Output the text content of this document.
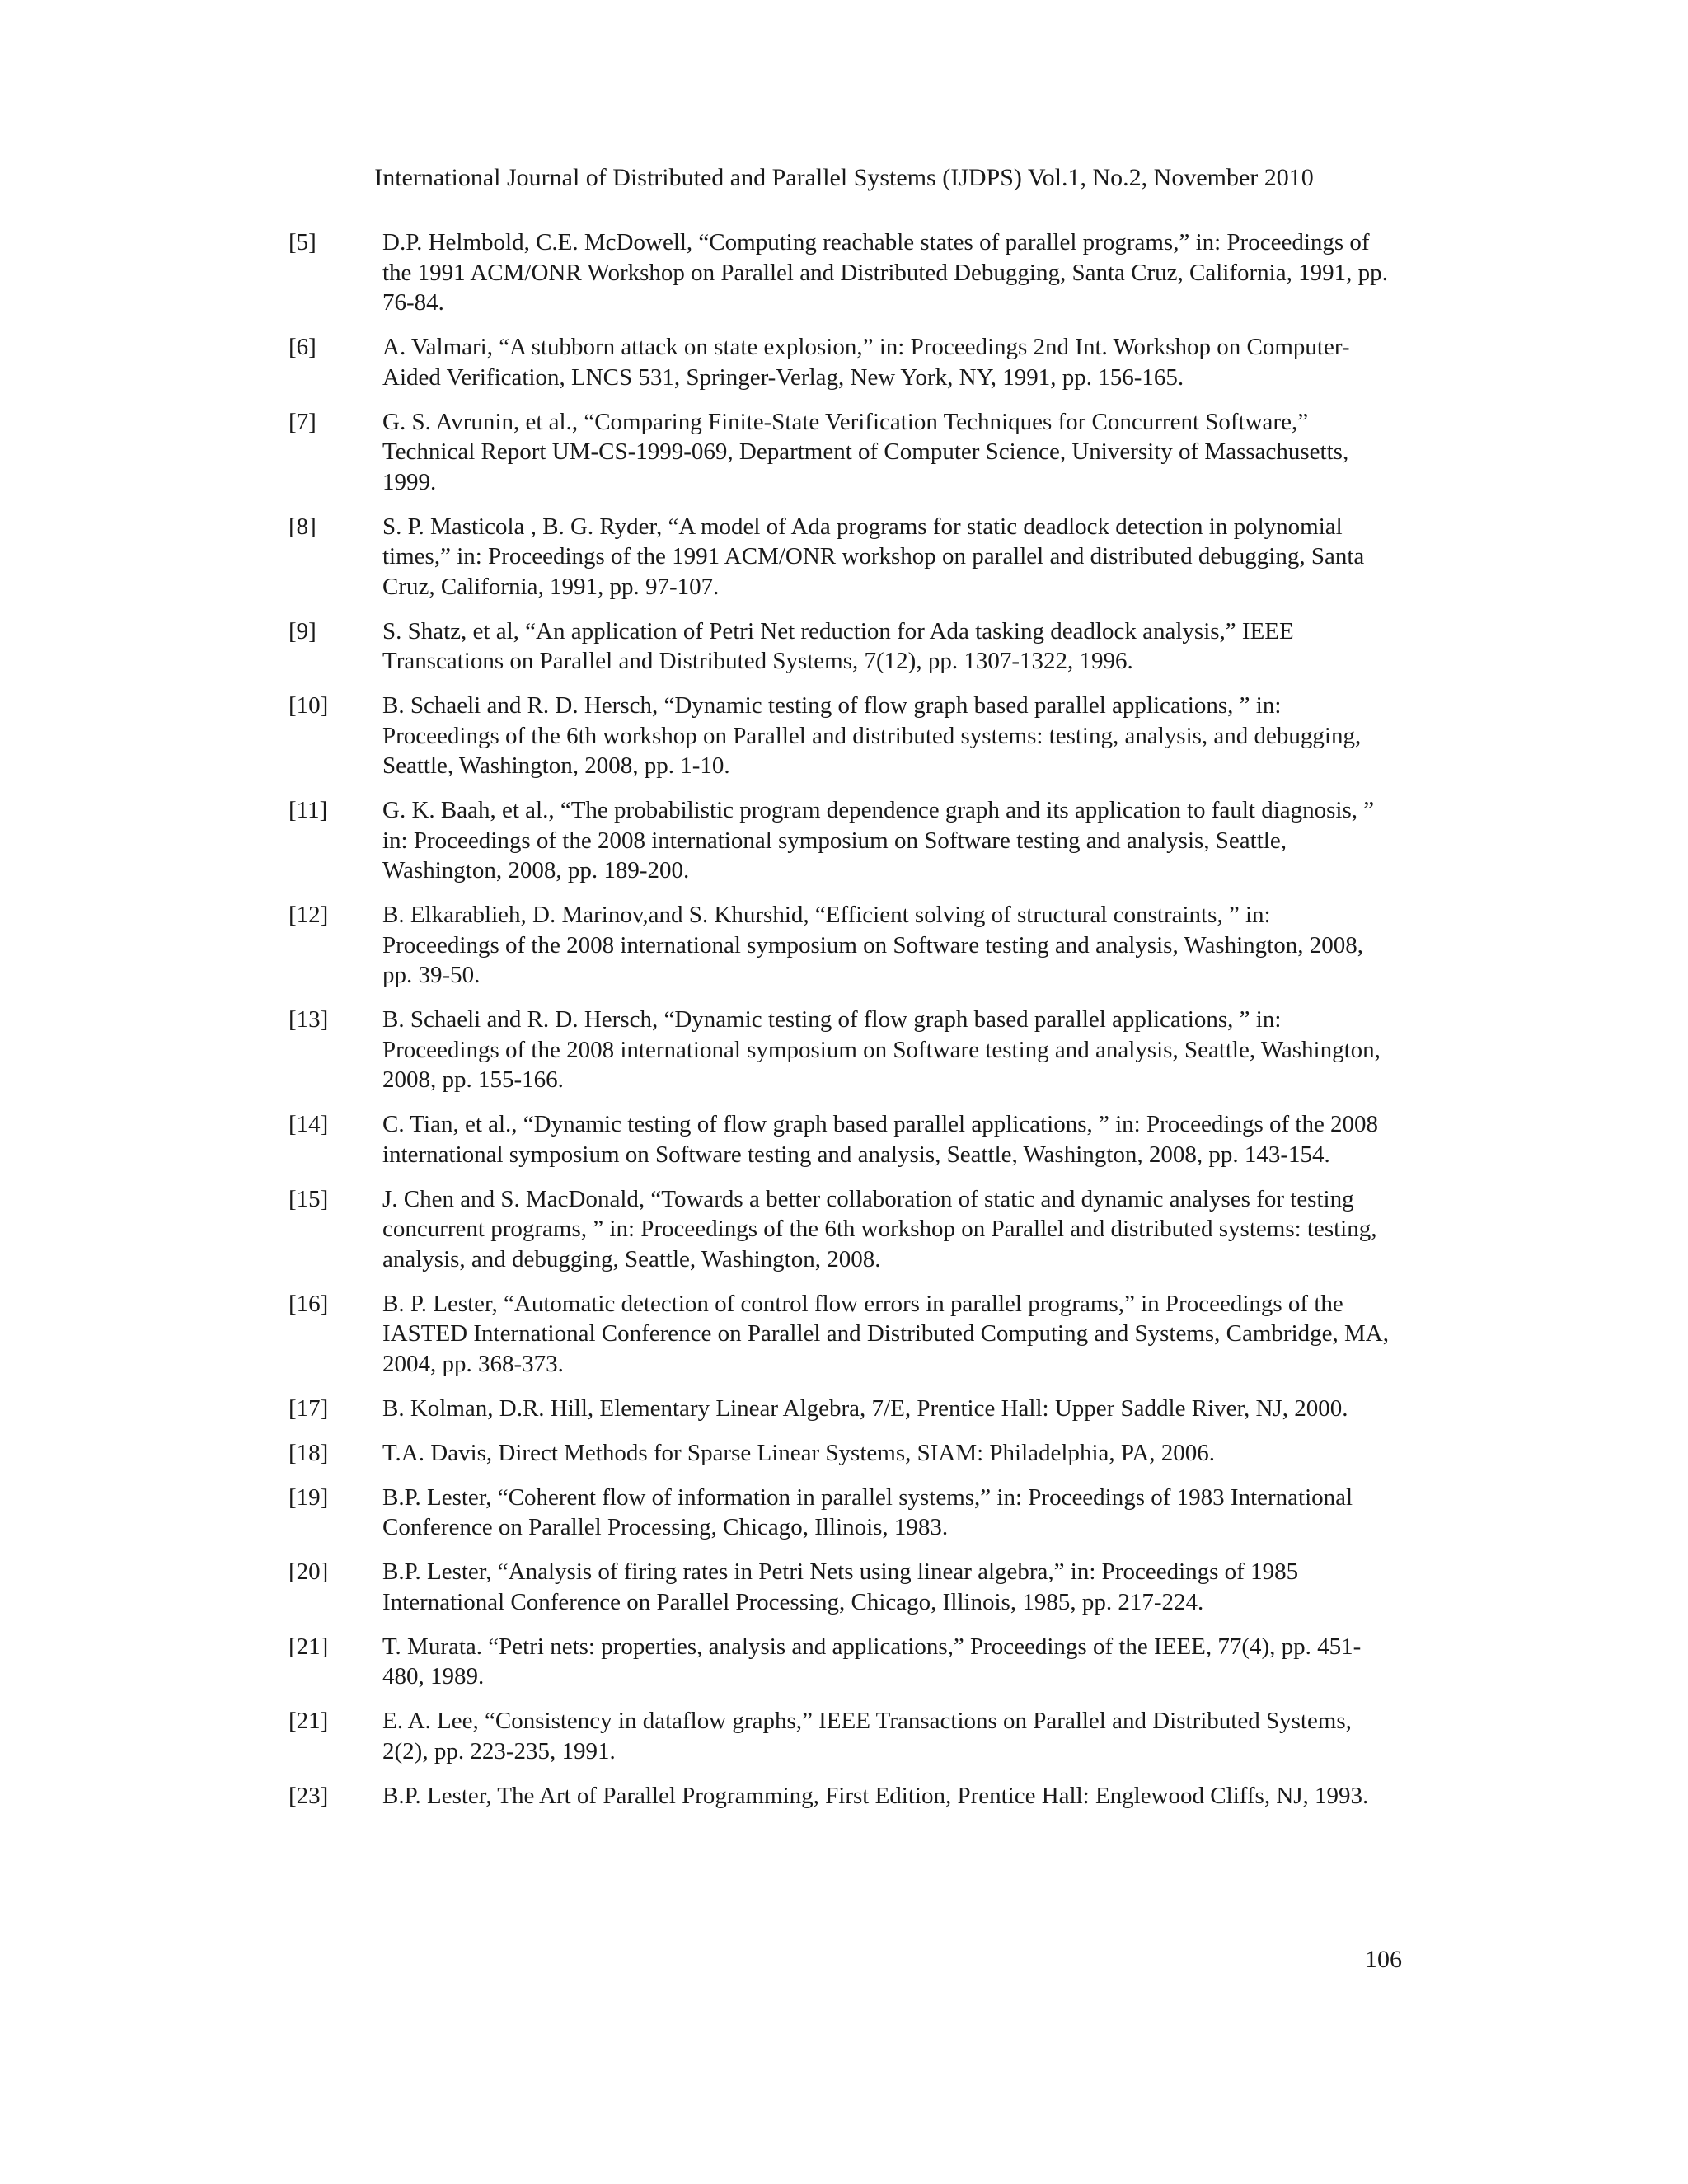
International Journal of Distributed and Parallel Systems (IJDPS) Vol.1, No.2, November 2010
[5]	D.P. Helmbold, C.E. McDowell, “Computing reachable states of parallel programs,” in: Proceedings of the 1991 ACM/ONR Workshop on Parallel and Distributed Debugging, Santa Cruz, California, 1991, pp. 76-84.
[6]	A. Valmari, “A stubborn attack on state explosion,” in: Proceedings 2nd Int. Workshop on Computer-Aided Verification, LNCS 531, Springer-Verlag, New York, NY, 1991, pp. 156-165.
[7]	G. S. Avrunin, et al., “Comparing Finite-State Verification Techniques for Concurrent Software,” Technical Report UM-CS-1999-069, Department of Computer Science, University of Massachusetts, 1999.
[8]	S. P. Masticola , B. G. Ryder, “A model of Ada programs for static deadlock detection in polynomial times,” in: Proceedings of the 1991 ACM/ONR workshop on parallel and distributed debugging, Santa Cruz, California, 1991, pp. 97-107.
[9]	S. Shatz, et al, “An application of Petri Net reduction for Ada tasking deadlock analysis,” IEEE Transcations on Parallel and Distributed Systems, 7(12), pp. 1307-1322, 1996.
[10]	B. Schaeli and R. D. Hersch, “Dynamic testing of flow graph based parallel applications, ” in: Proceedings of the 6th workshop on Parallel and distributed systems: testing, analysis, and debugging, Seattle, Washington, 2008, pp. 1-10.
[11]	G. K. Baah, et al., “The probabilistic program dependence graph and its application to fault diagnosis, ” in: Proceedings of the 2008 international symposium on Software testing and analysis, Seattle, Washington, 2008, pp. 189-200.
[12]	B. Elkarablieh, D. Marinov,and S. Khurshid, “Efficient solving of structural constraints, ” in: Proceedings of the 2008 international symposium on Software testing and analysis, Washington, 2008, pp. 39-50.
[13]	B. Schaeli and R. D. Hersch, “Dynamic testing of flow graph based parallel applications, ” in: Proceedings of the 2008 international symposium on Software testing and analysis, Seattle, Washington, 2008, pp. 155-166.
[14]	C. Tian, et al., “Dynamic testing of flow graph based parallel applications, ” in: Proceedings of the 2008 international symposium on Software testing and analysis, Seattle, Washington, 2008, pp. 143-154.
[15]	J. Chen and S. MacDonald, “Towards a better collaboration of static and dynamic analyses for testing concurrent programs, ” in: Proceedings of the 6th workshop on Parallel and distributed systems: testing, analysis, and debugging, Seattle, Washington, 2008.
[16]	B. P. Lester, “Automatic detection of control flow errors in parallel programs,” in Proceedings of the IASTED International Conference on Parallel and Distributed Computing and Systems, Cambridge, MA, 2004, pp. 368-373.
[17]	B. Kolman, D.R. Hill, Elementary Linear Algebra, 7/E, Prentice Hall: Upper Saddle River, NJ, 2000.
[18]	T.A. Davis, Direct Methods for Sparse Linear Systems, SIAM: Philadelphia, PA, 2006.
[19]	B.P. Lester, “Coherent flow of information in parallel systems,” in: Proceedings of 1983 International Conference on Parallel Processing, Chicago, Illinois, 1983.
[20]	B.P. Lester, “Analysis of firing rates in Petri Nets using linear algebra,” in: Proceedings of 1985 International Conference on Parallel Processing, Chicago, Illinois, 1985, pp. 217-224.
[21]	T. Murata. “Petri nets: properties, analysis and applications,” Proceedings of the IEEE, 77(4), pp. 451-480, 1989.
[21]	E. A. Lee, “Consistency in dataflow graphs,” IEEE Transactions on Parallel and Distributed Systems, 2(2), pp. 223-235, 1991.
[23]	B.P. Lester, The Art of Parallel Programming, First Edition, Prentice Hall: Englewood Cliffs, NJ, 1993.
106
